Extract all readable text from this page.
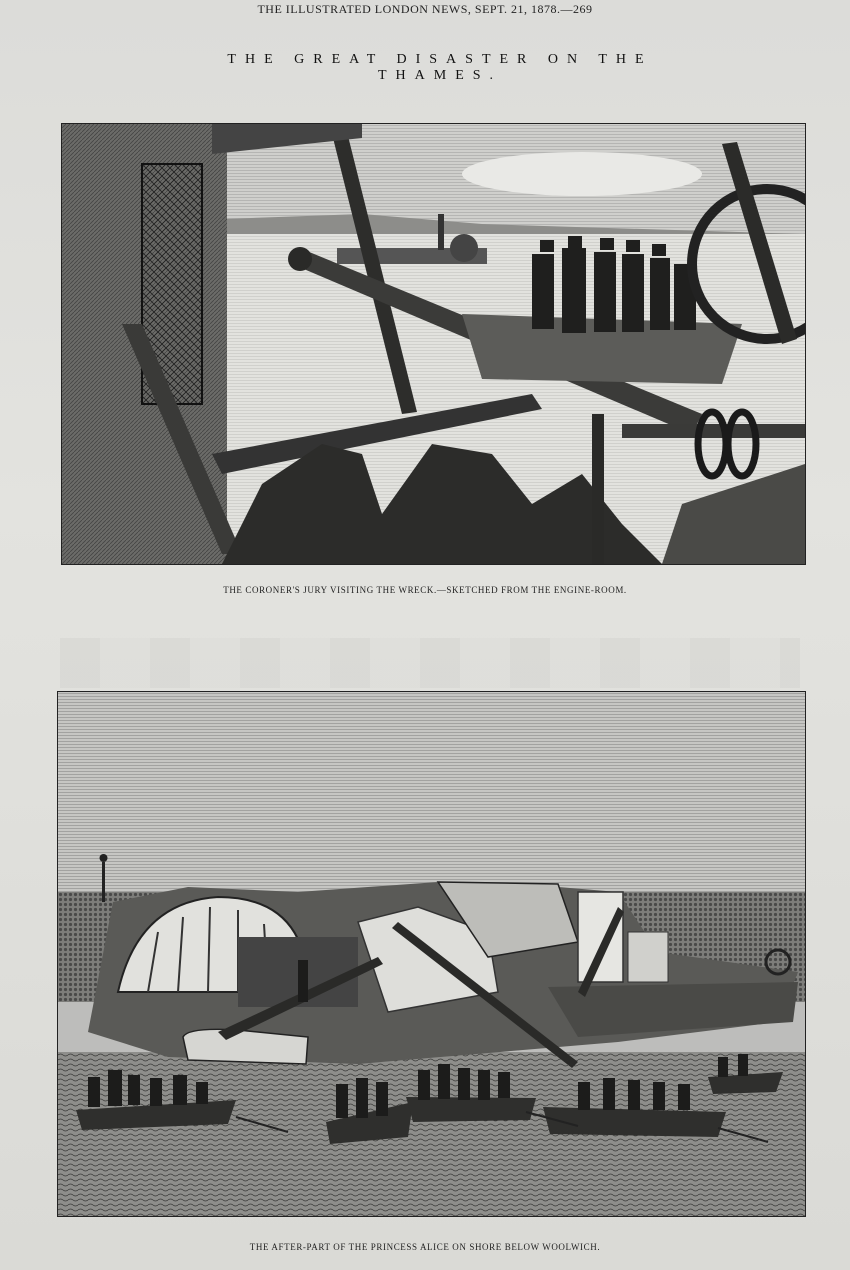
THE ILLUSTRATED LONDON NEWS, SEPT. 21, 1878.—269
THE GREAT DISASTER ON THE THAMES.
THE CORONER'S JURY VISITING THE WRECK.—SKETCHED FROM THE ENGINE-ROOM.
THE AFTER-PART OF THE PRINCESS ALICE ON SHORE BELOW WOOLWICH.
